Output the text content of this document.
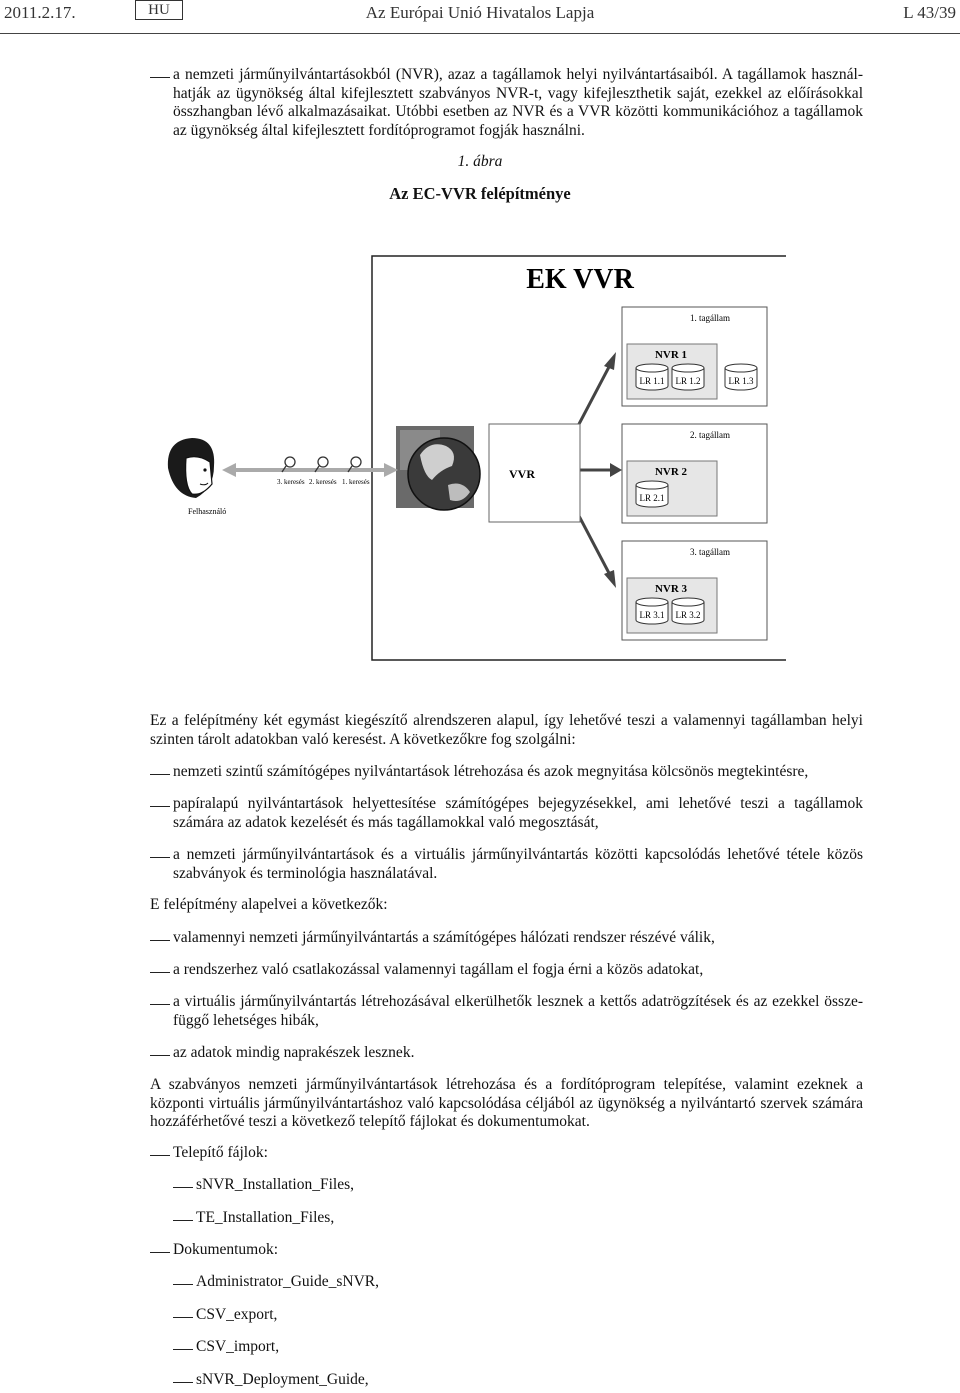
2011.2.17.	HU	Az Európai Unió Hivatalos Lapja	L 43/39
a nemzeti járműnyilvántartásokból (NVR), azaz a tagállamok helyi nyilvántartásaiból. A tagállamok használ-
hatják az ügynökség által kifejlesztett szabványos NVR-t, vagy kifejleszthetik saját, ezekkel az előírásokkal
összhangban lévő alkalmazásaikat. Utóbbi esetben az NVR és a VVR közötti kommunikációhoz a tagállamok
az ügynökség által kifejlesztett fordítóprogramot fogják használni.
1. ábra
Az EC-VVR felépítménye
EK VVR
VVR
Felhasználó
3. keresés 2. keresés 1. keresés
1. tagállam
NVR 1
LR 1.1 LR 1.2	LR 1.3
2. tagállam
NVR 2
LR 2.1
3. tagállam
NVR 3
LR 3.1 LR 3.2
Ez a felépítmény két egymást kiegészítő alrendszeren alapul, így lehetővé teszi a valamennyi tagállamban helyi
szinten tárolt adatokban való keresést. A következőkre fog szolgálni:
nemzeti szintű számítógépes nyilvántartások létrehozása és azok megnyitása kölcsönös megtekintésre,
papíralapú nyilvántartások helyettesítése számítógépes bejegyzésekkel, ami lehetővé teszi a tagállamok
számára az adatok kezelését és más tagállamokkal való megosztását,
a nemzeti járműnyilvántartások és a virtuális járműnyilvántartás közötti kapcsolódás lehetővé tétele közös
szabványok és terminológia használatával.
E felépítmény alapelvei a következők:
valamennyi nemzeti járműnyilvántartás a számítógépes hálózati rendszer részévé válik,
a rendszerhez való csatlakozással valamennyi tagállam el fogja érni a közös adatokat,
a virtuális járműnyilvántartás létrehozásával elkerülhetők lesznek a kettős adatrögzítések és az ezekkel össze-
függő lehetséges hibák,
az adatok mindig naprakészek lesznek.
A szabványos nemzeti járműnyilvántartások létrehozása és a fordítóprogram telepítése, valamint ezeknek a
központi virtuális járműnyilvántartáshoz való kapcsolódása céljából az ügynökség a nyilvántartó szervek számára
hozzáférhetővé teszi a következő telepítő fájlokat és dokumentumokat.
Telepítő fájlok:
sNVR_Installation_Files,
TE_Installation_Files,
Dokumentumok:
Administrator_Guide_sNVR,
CSV_export,
CSV_import,
sNVR_Deployment_Guide,
